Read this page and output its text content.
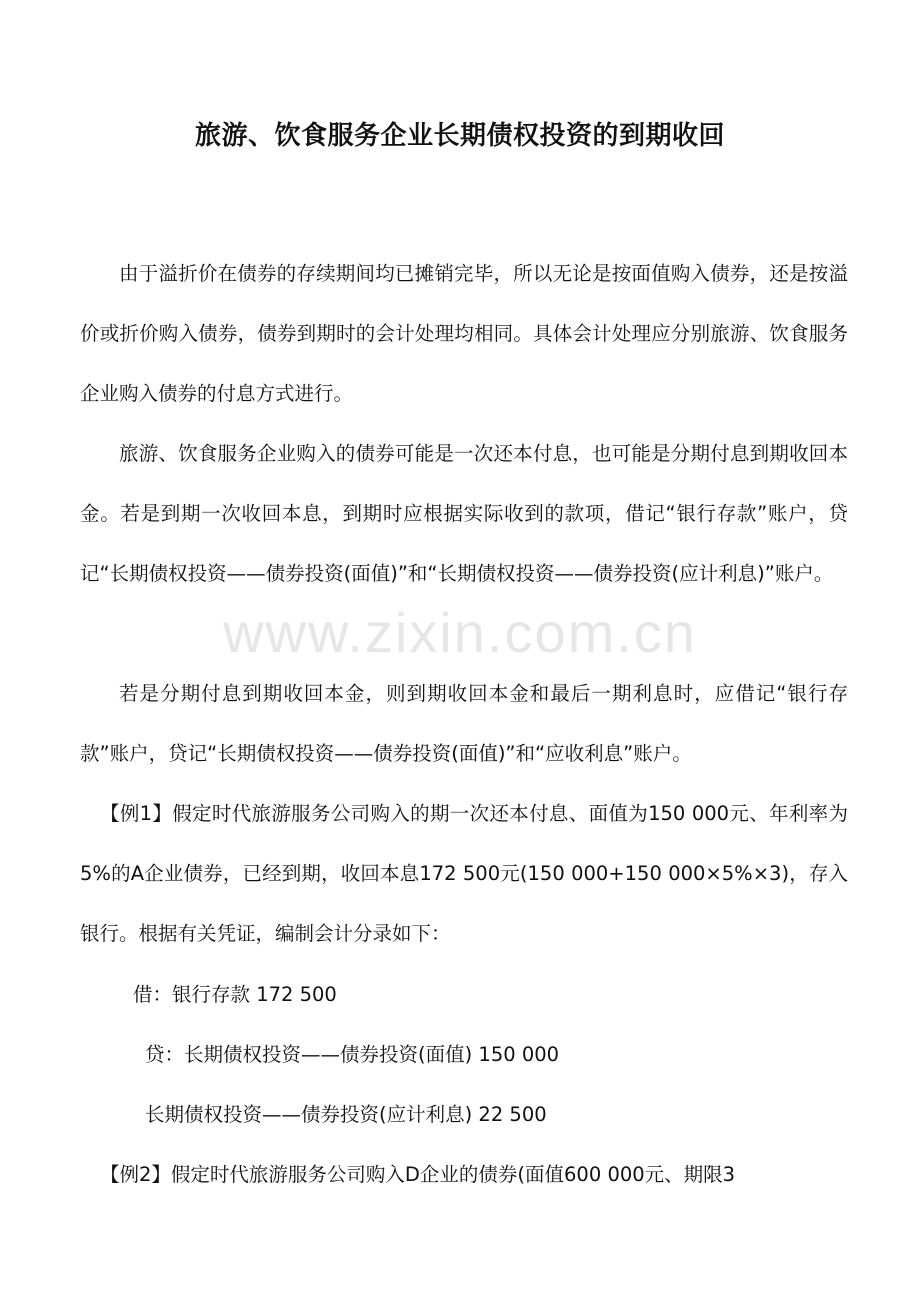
旅游、饮食服务企业长期债权投资的到期收回
www.zixin.com.cn

由于溢折价在债券的存续期间均已摊销完毕，所以无论是按面值购入债券，还是按溢价或折价购入债券，债券到期时的会计处理均相同。具体会计处理应分别旅游、饮食服务企业购入债券的付息方式进行。

旅游、饮食服务企业购入的债券可能是一次还本付息，也可能是分期付息到期收回本金。若是到期一次收回本息，到期时应根据实际收到的款项，借记“银行存款”账户，贷记“长期债权投资——债券投资(面值)”和“长期债权投资——债券投资(应计利息)”账户。

若是分期付息到期收回本金，则到期收回本金和最后一期利息时，应借记“银行存款”账户，贷记“长期债权投资——债券投资(面值)”和“应收利息”账户。

【例1】假定时代旅游服务公司购入的期一次还本付息、面值为150 000元、年利率为5%的A企业债券，已经到期，收回本息172 500元(150 000+150 000×5%×3)，存入银行。根据有关凭证，编制会计分录如下：

借：银行存款 172 500
贷：长期债权投资——债券投资(面值) 150 000
长期债权投资——债券投资(应计利息) 22 500
【例2】假定时代旅游服务公司购入D企业的债券(面值600 000元、期限3
